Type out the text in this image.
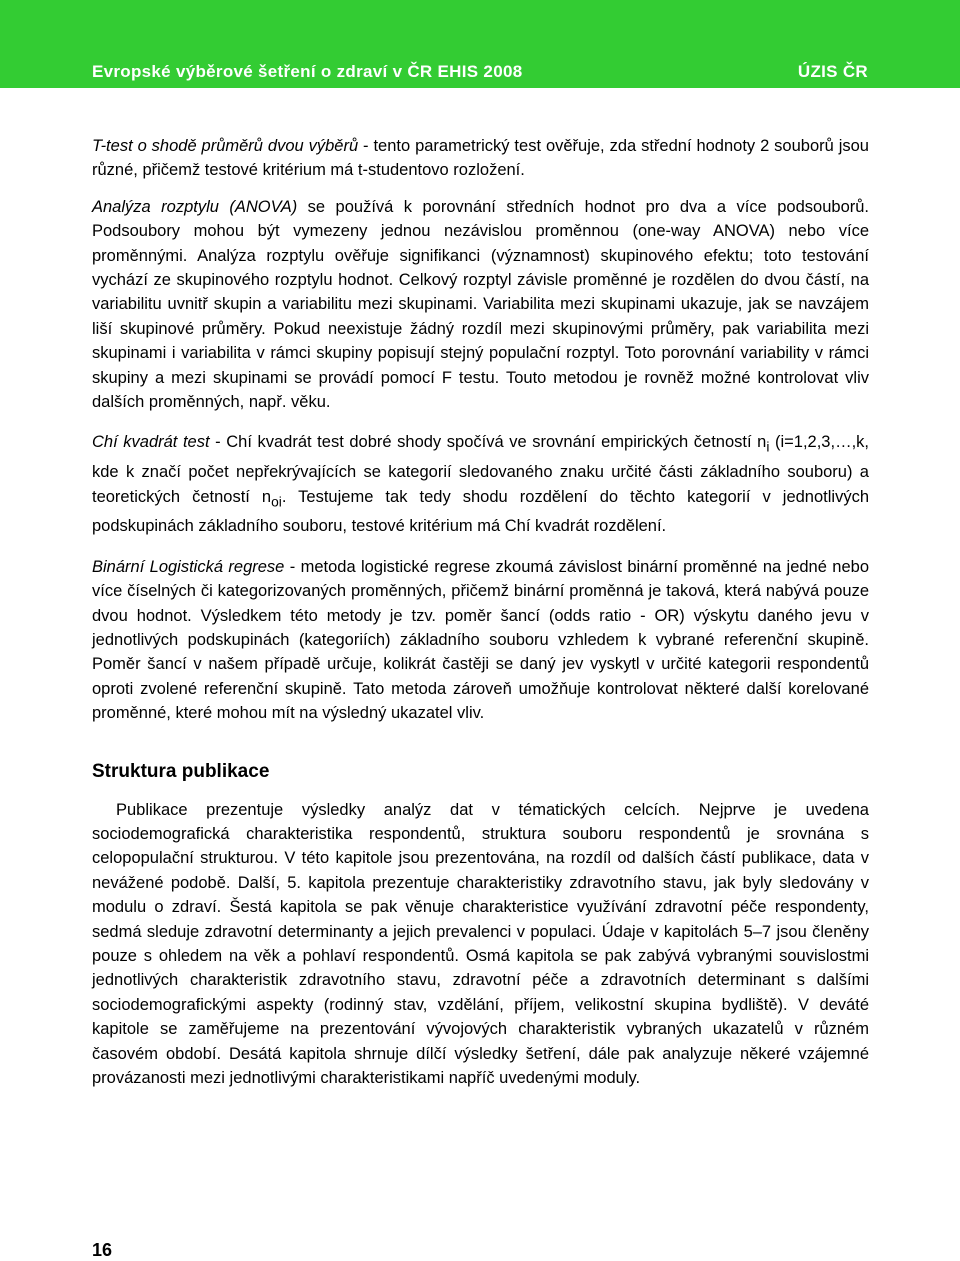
Evropské výběrové šetření o zdraví v ČR EHIS 2008	ÚZIS ČR

T-test o shodě průměrů dvou výběrů - tento parametrický test ověřuje, zda střední hodnoty 2 souborů jsou různé, přičemž testové kritérium má t-studentovo rozložení.

Analýza rozptylu (ANOVA) se používá k porovnání středních hodnot pro dva a více podsouborů. Podsoubory mohou být vymezeny jednou nezávislou proměnnou (one-way ANOVA) nebo více proměnnými. Analýza rozptylu ověřuje signifikanci (významnost) skupinového efektu; toto testování vychází ze skupinového rozptylu hodnot. Celkový rozptyl závisle proměnné je rozdělen do dvou částí, na variabilitu uvnitř skupin a variabilitu mezi skupinami. Variabilita mezi skupinami ukazuje, jak se navzájem liší skupinové průměry. Pokud neexistuje žádný rozdíl mezi skupinovými průměry, pak variabilita mezi skupinami i variabilita v rámci skupiny popisují stejný populační rozptyl. Toto porovnání variability v rámci skupiny a mezi skupinami se provádí pomocí F testu. Touto metodou je rovněž možné kontrolovat vliv dalších proměnných, např. věku.

Chí kvadrát test - Chí kvadrát test dobré shody spočívá ve srovnání empirických četností $n_i$ (i=1,2,3,…,k, kde k značí počet nepřekrývajících se kategorií sledovaného znaku určité části základního souboru) a teoretických četností $n_{oi}$. Testujeme tak tedy shodu rozdělení do těchto kategorií v jednotlivých podskupinách základního souboru, testové kritérium má Chí kvadrát rozdělení.

Binární Logistická regrese - metoda logistické regrese zkoumá závislost binární proměnné na jedné nebo více číselných či kategorizovaných proměnných, přičemž binární proměnná je taková, která nabývá pouze dvou hodnot. Výsledkem této metody je tzv. poměr šancí (odds ratio - OR) výskytu daného jevu v jednotlivých podskupinách (kategoriích) základního souboru vzhledem k vybrané referenční skupině. Poměr šancí v našem případě určuje, kolikrát častěji se daný jev vyskytl v určité kategorii respondentů oproti zvolené referenční skupině. Tato metoda zároveň umožňuje kontrolovat některé další korelované proměnné, které mohou mít na výsledný ukazatel vliv.

Struktura publikace

Publikace prezentuje výsledky analýz dat v tématických celcích. Nejprve je uvedena sociodemografická charakteristika respondentů, struktura souboru respondentů je srovnána s celopopulační strukturou. V této kapitole jsou prezentována, na rozdíl od dalších částí publikace, data v nevážené podobě. Další, 5. kapitola prezentuje charakteristiky zdravotního stavu, jak byly sledovány v modulu o zdraví. Šestá kapitola se pak věnuje charakteristice využívání zdravotní péče respondenty, sedmá sleduje zdravotní determinanty a jejich prevalenci v populaci. Údaje v kapitolách 5–7 jsou členěny pouze s ohledem na věk a pohlaví respondentů. Osmá kapitola se pak zabývá vybranými souvislostmi jednotlivých charakteristik zdravotního stavu, zdravotní péče a zdravotních determinant s dalšími sociodemografickými aspekty (rodinný stav, vzdělání, příjem, velikostní skupina bydliště). V deváté kapitole se zaměřujeme na prezentování vývojových charakteristik vybraných ukazatelů v různém časovém období. Desátá kapitola shrnuje dílčí výsledky šetření, dále pak analyzuje někeré vzájemné provázanosti mezi jednotlivými charakteristikami napříč uvedenými moduly.

16
